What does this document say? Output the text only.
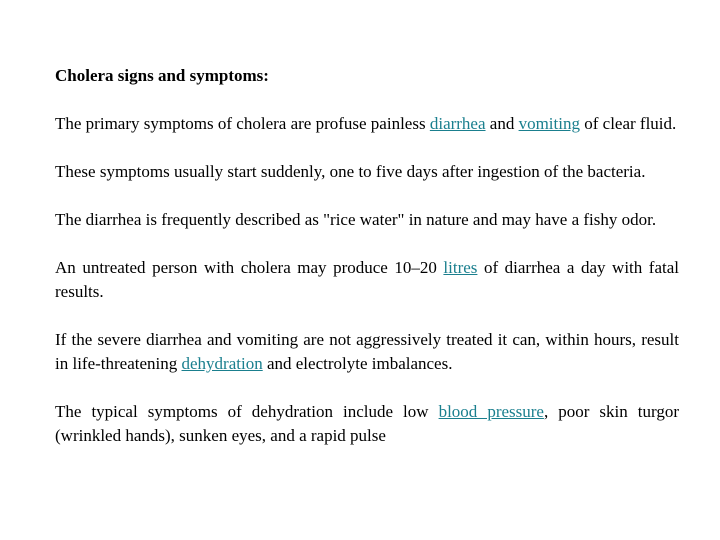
Cholera signs and symptoms:

The primary symptoms of cholera are profuse painless diarrhea and vomiting of clear fluid.

These symptoms usually start suddenly, one to five days after ingestion of the bacteria.

The diarrhea is frequently described as "rice water" in nature and may have a fishy odor.

An untreated person with cholera may produce 10–20 litres of diarrhea a day with fatal results.

If the severe diarrhea and vomiting are not aggressively treated it can, within hours, result in life-threatening dehydration and electrolyte imbalances.

The typical symptoms of dehydration include low blood pressure, poor skin turgor (wrinkled hands), sunken eyes, and a rapid pulse
